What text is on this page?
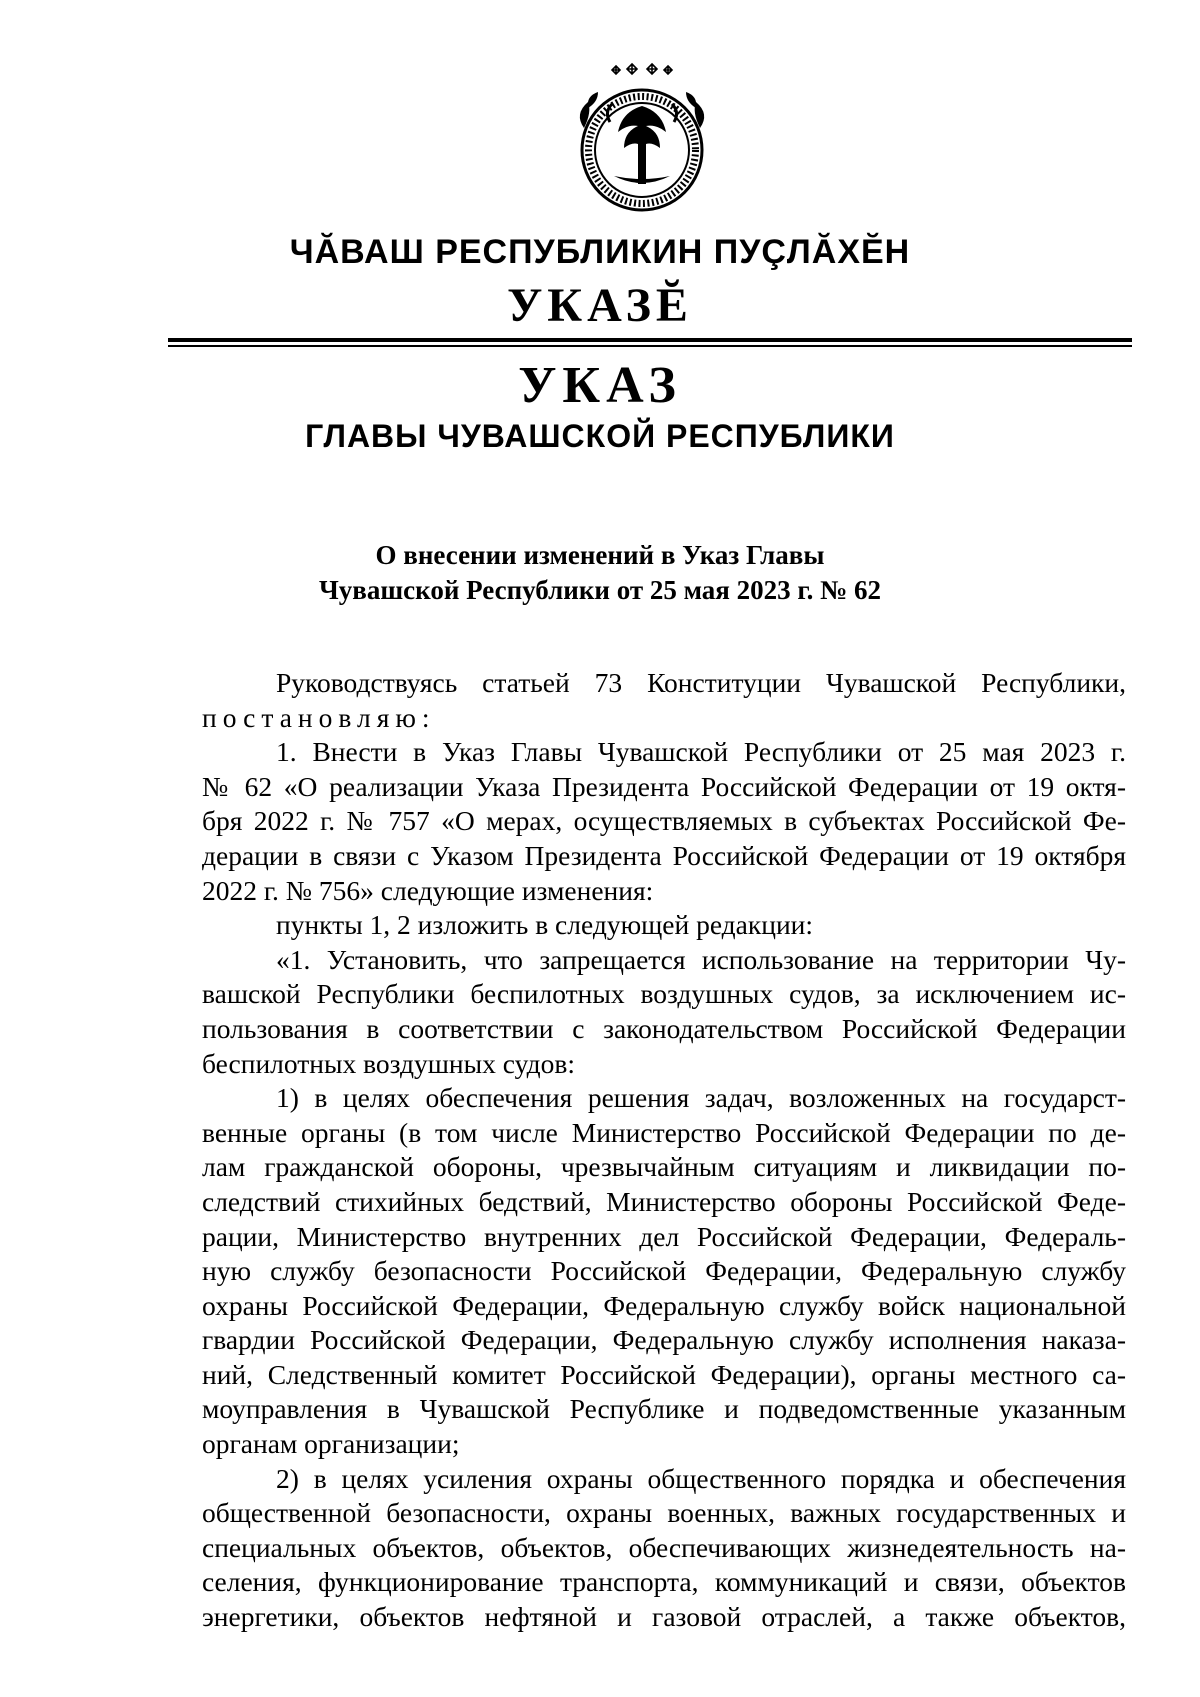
ЧĂВАШ РЕСПУБЛИКИН ПУÇЛĂХĔН
УКАЗĔ
УКАЗ
ГЛАВЫ ЧУВАШСКОЙ РЕСПУБЛИКИ
О внесении изменений в Указ Главы
Чувашской Республики от 25 мая 2023 г. № 62
Руководствуясь статьей 73 Конституции Чувашской Республики,
постановляю:
1. Внести в Указ Главы Чувашской Республики от 25 мая 2023 г.
№ 62 «О реализации Указа Президента Российской Федерации от 19 октя-
бря 2022 г. № 757 «О мерах, осуществляемых в субъектах Российской Фе-
дерации в связи с Указом Президента Российской Федерации от 19 октября
2022 г. № 756» следующие изменения:
пункты 1, 2 изложить в следующей редакции:
«1. Установить, что запрещается использование на территории Чу-
вашской Республики беспилотных воздушных судов, за исключением ис-
пользования в соответствии с законодательством Российской Федерации
беспилотных воздушных судов:
1) в целях обеспечения решения задач, возложенных на государст-
венные органы (в том числе Министерство Российской Федерации по де-
лам гражданской обороны, чрезвычайным ситуациям и ликвидации по-
следствий стихийных бедствий, Министерство обороны Российской Феде-
рации, Министерство внутренних дел Российской Федерации, Федераль-
ную службу безопасности Российской Федерации, Федеральную службу
охраны Российской Федерации, Федеральную службу войск национальной
гвардии Российской Федерации, Федеральную службу исполнения наказа-
ний, Следственный комитет Российской Федерации), органы местного са-
моуправления в Чувашской Республике и подведомственные указанным
органам организации;
2) в целях усиления охраны общественного порядка и обеспечения
общественной безопасности, охраны военных, важных государственных и
специальных объектов, объектов, обеспечивающих жизнедеятельность на-
селения, функционирование транспорта, коммуникаций и связи, объектов
энергетики, объектов нефтяной и газовой отраслей, а также объектов,
